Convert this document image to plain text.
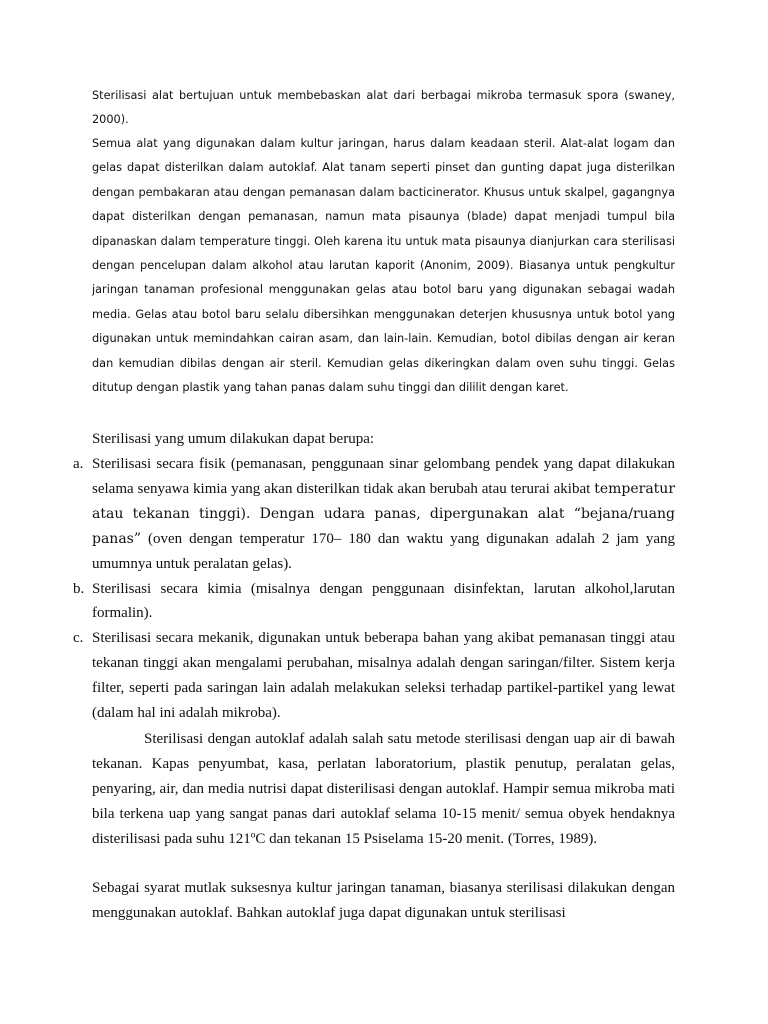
Sterilisasi alat bertujuan untuk membebaskan alat dari berbagai mikroba termasuk spora (swaney, 2000).

Semua alat yang digunakan dalam kultur jaringan, harus dalam keadaan steril. Alat-alat logam dan gelas dapat disterilkan dalam autoklaf. Alat tanam seperti pinset dan gunting dapat juga disterilkan dengan pembakaran atau dengan pemanasan dalam bacticinerator. Khusus untuk skalpel, gagangnya dapat disterilkan dengan pemanasan, namun mata pisaunya (blade) dapat menjadi tumpul bila dipanaskan dalam temperature tinggi. Oleh karena itu untuk mata pisaunya dianjurkan cara sterilisasi dengan pencelupan dalam alkohol atau larutan kaporit (Anonim, 2009). Biasanya untuk pengkultur jaringan tanaman profesional menggunakan gelas atau botol baru yang digunakan sebagai wadah media. Gelas atau botol baru selalu dibersihkan menggunakan deterjen khususnya untuk botol yang digunakan untuk memindahkan cairan asam, dan lain-lain. Kemudian, botol dibilas dengan air keran dan kemudian dibilas dengan air steril. Kemudian gelas dikeringkan dalam oven suhu tinggi. Gelas ditutup dengan plastik yang tahan panas dalam suhu tinggi dan dililit dengan karet.

Sterilisasi yang umum dilakukan dapat berupa:

a. Sterilisasi secara fisik (pemanasan, penggunaan sinar gelombang pendek yang dapat dilakukan selama senyawa kimia yang akan disterilkan tidak akan berubah atau terurai akibat temperatur atau tekanan tinggi). Dengan udara panas, dipergunakan alat “bejana/ruang panas” (oven dengan temperatur 170– 180 dan waktu yang digunakan adalah 2 jam yang umumnya untuk peralatan gelas).
b. Sterilisasi secara kimia (misalnya dengan penggunaan disinfektan, larutan alkohol,larutan formalin).
c. Sterilisasi secara mekanik, digunakan untuk beberapa bahan yang akibat pemanasan tinggi atau tekanan tinggi akan mengalami perubahan, misalnya adalah dengan saringan/filter. Sistem kerja filter, seperti pada saringan lain adalah melakukan seleksi terhadap partikel-partikel yang lewat (dalam hal ini adalah mikroba).

Sterilisasi dengan autoklaf adalah salah satu metode sterilisasi dengan uap air di bawah tekanan. Kapas penyumbat, kasa, perlatan laboratorium, plastik penutup, peralatan gelas, penyaring, air, dan media nutrisi dapat disterilisasi dengan autoklaf. Hampir semua mikroba mati bila terkena uap yang sangat panas dari autoklaf selama 10-15 menit/ semua obyek hendaknya disterilisasi pada suhu 121ºC dan tekanan 15 Psiselama 15-20 menit. (Torres, 1989).

Sebagai syarat mutlak suksesnya kultur jaringan tanaman, biasanya sterilisasi dilakukan dengan menggunakan autoklaf. Bahkan autoklaf juga dapat digunakan untuk sterilisasi
